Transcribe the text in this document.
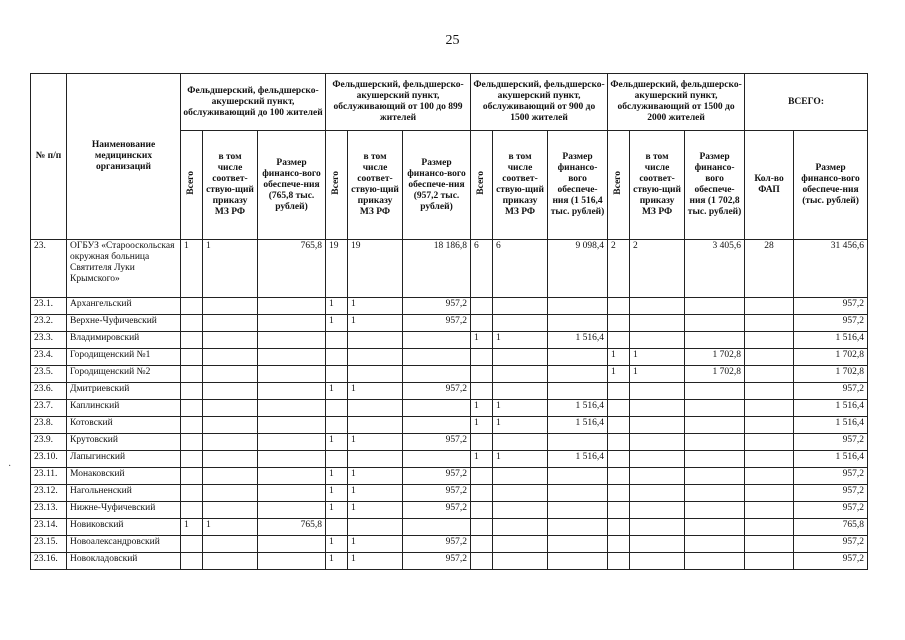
25
№ п/п	Наименование медицинских организаций	Фельдшерский, фельдшерско-акушерский пункт, обслуживающий до 100 жителей			Фельдшерский, фельдшерско-акушерский пункт, обслуживающий от 100 до 899 жителей			Фельдшерский, фельдшерско-акушерский пункт, обслуживающий от 900 до 1500 жителей			Фельдшерский, фельдшерско-акушерский пункт, обслуживающий от 1500 до 2000 жителей			ВСЕГО:	
		Всего	в том числе соответ-ствую-щий приказу МЗ РФ	Размер финансо-вого обеспече-ния (765,8 тыс. рублей)	Всего	в том числе соответ-ствую-щий приказу МЗ РФ	Размер финансо-вого обеспече-ния (957,2 тыс. рублей)	Всего	в том числе соответ-ствую-щий приказу МЗ РФ	Размер финансо-вого обеспече-ния (1 516,4 тыс. рублей)	Всего	в том числе соответ-ствую-щий приказу МЗ РФ	Размер финансо-вого обеспече-ния (1 702,8 тыс. рублей)	Кол-во ФАП	Размер финансо-вого обеспече-ния (тыс. рублей)
23.	ОГБУЗ «Старооскольская окружная больница Святителя Луки Крымского»	1	1	765,8	19	19	18 186,8	6	6	9 098,4	2	2	3 405,6	28	31 456,6
23.1.	Архангельский				1	1	957,2								957,2
23.2.	Верхне-Чуфичевский				1	1	957,2								957,2
23.3.	Владимировский							1	1	1 516,4					1 516,4
23.4.	Городищенский №1										1	1	1 702,8		1 702,8
23.5.	Городищенский №2										1	1	1 702,8		1 702,8
23.6.	Дмитриевский				1	1	957,2								957,2
23.7.	Каплинский							1	1	1 516,4					1 516,4
23.8.	Котовский							1	1	1 516,4					1 516,4
23.9.	Крутовский				1	1	957,2								957,2
23.10.	Лапыгинский							1	1	1 516,4					1 516,4
23.11.	Монаковский				1	1	957,2								957,2
23.12.	Нагольненский				1	1	957,2								957,2
23.13.	Нижне-Чуфичевский				1	1	957,2								957,2
23.14.	Новиковский	1	1	765,8											765,8
23.15.	Новоалександровский				1	1	957,2								957,2
23.16.	Новокладовский				1	1	957,2								957,2
·
